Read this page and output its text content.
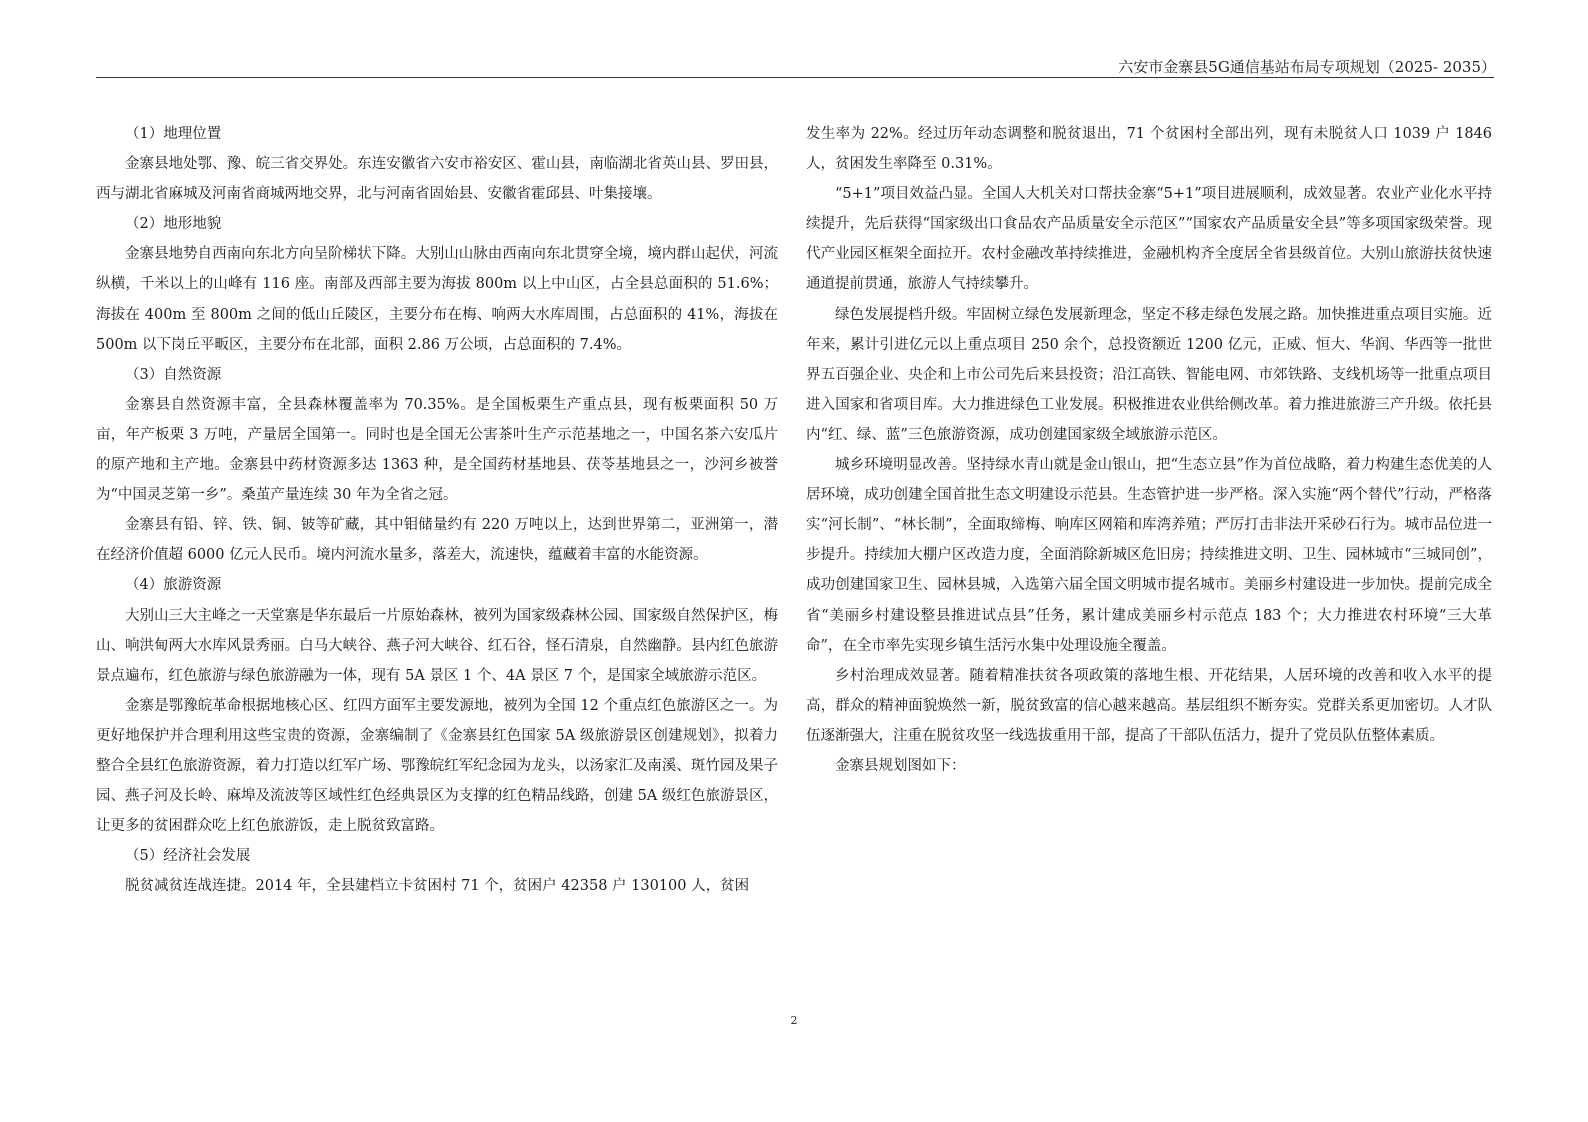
六安市金寨县5G通信基站布局专项规划（2025- 2035）

（1）地理位置

金寨县地处鄂、豫、皖三省交界处。东连安徽省六安市裕安区、霍山县，南临湖北省英山县、罗田县，西与湖北省麻城及河南省商城两地交界，北与河南省固始县、安徽省霍邱县、叶集接壤。

（2）地形地貌

金寨县地势自西南向东北方向呈阶梯状下降。大别山山脉由西南向东北贯穿全境，境内群山起伏，河流纵横，千米以上的山峰有 116 座。南部及西部主要为海拔 800m 以上中山区，占全县总面积的 51.6%；海拔在 400m 至 800m 之间的低山丘陵区，主要分布在梅、响两大水库周围，占总面积的 41%，海拔在 500m 以下岗丘平畈区，主要分布在北部，面积 2.86 万公顷，占总面积的 7.4%。

（3）自然资源

金寨县自然资源丰富，全县森林覆盖率为 70.35%。是全国板栗生产重点县，现有板栗面积 50 万亩，年产板栗 3 万吨，产量居全国第一。同时也是全国无公害茶叶生产示范基地之一，中国名茶六安瓜片的原产地和主产地。金寨县中药材资源多达 1363 种，是全国药材基地县、茯苓基地县之一，沙河乡被誉为“中国灵芝第一乡”。桑茧产量连续 30 年为全省之冠。

金寨县有铅、锌、铁、铜、铍等矿藏，其中钼储量约有 220 万吨以上，达到世界第二，亚洲第一，潜在经济价值超 6000 亿元人民币。境内河流水量多，落差大，流速快，蕴藏着丰富的水能资源。

（4）旅游资源

大别山三大主峰之一天堂寨是华东最后一片原始森林，被列为国家级森林公园、国家级自然保护区，梅山、响洪甸两大水库风景秀丽。白马大峡谷、燕子河大峡谷、红石谷，怪石清泉，自然幽静。县内红色旅游景点遍布，红色旅游与绿色旅游融为一体，现有 5A 景区 1 个、4A 景区 7 个，是国家全域旅游示范区。

金寨是鄂豫皖革命根据地核心区、红四方面军主要发源地，被列为全国 12 个重点红色旅游区之一。为更好地保护并合理利用这些宝贵的资源，金寨编制了《金寨县红色国家 5A 级旅游景区创建规划》，拟着力整合全县红色旅游资源，着力打造以红军广场、鄂豫皖红军纪念园为龙头，以汤家汇及南溪、斑竹园及果子园、燕子河及长岭、麻埠及流波等区域性红色经典景区为支撑的红色精品线路，创建 5A 级红色旅游景区，让更多的贫困群众吃上红色旅游饭，走上脱贫致富路。

（5）经济社会发展

脱贫减贫连战连捷。2014 年，全县建档立卡贫困村 71 个，贫困户 42358 户 130100 人，贫困

发生率为 22%。经过历年动态调整和脱贫退出，71 个贫困村全部出列，现有未脱贫人口 1039 户 1846 人，贫困发生率降至 0.31%。

“5+1”项目效益凸显。全国人大机关对口帮扶金寨“5+1”项目进展顺利，成效显著。农业产业化水平持续提升，先后获得“国家级出口食品农产品质量安全示范区”“国家农产品质量安全县”等多项国家级荣誉。现代产业园区框架全面拉开。农村金融改革持续推进，金融机构齐全度居全省县级首位。大别山旅游扶贫快速通道提前贯通，旅游人气持续攀升。

绿色发展提档升级。牢固树立绿色发展新理念，坚定不移走绿色发展之路。加快推进重点项目实施。近年来，累计引进亿元以上重点项目 250 余个，总投资额近 1200 亿元，正威、恒大、华润、华西等一批世界五百强企业、央企和上市公司先后来县投资；沿江高铁、智能电网、市郊铁路、支线机场等一批重点项目进入国家和省项目库。大力推进绿色工业发展。积极推进农业供给侧改革。着力推进旅游三产升级。依托县内“红、绿、蓝”三色旅游资源，成功创建国家级全域旅游示范区。

城乡环境明显改善。坚持绿水青山就是金山银山，把“生态立县”作为首位战略，着力构建生态优美的人居环境，成功创建全国首批生态文明建设示范县。生态管护进一步严格。深入实施“两个替代”行动，严格落实“河长制”、“林长制”，全面取缔梅、响库区网箱和库湾养殖；严厉打击非法开采砂石行为。城市品位进一步提升。持续加大棚户区改造力度，全面消除新城区危旧房；持续推进文明、卫生、园林城市“三城同创”，成功创建国家卫生、园林县城，入选第六届全国文明城市提名城市。美丽乡村建设进一步加快。提前完成全省“美丽乡村建设整县推进试点县”任务，累计建成美丽乡村示范点 183 个；大力推进农村环境“三大革命”，在全市率先实现乡镇生活污水集中处理设施全覆盖。

乡村治理成效显著。随着精准扶贫各项政策的落地生根、开花结果，人居环境的改善和收入水平的提高，群众的精神面貌焕然一新，脱贫致富的信心越来越高。基层组织不断夯实。党群关系更加密切。人才队伍逐渐强大，注重在脱贫攻坚一线选拔重用干部，提高了干部队伍活力，提升了党员队伍整体素质。

金寨县规划图如下：

2
